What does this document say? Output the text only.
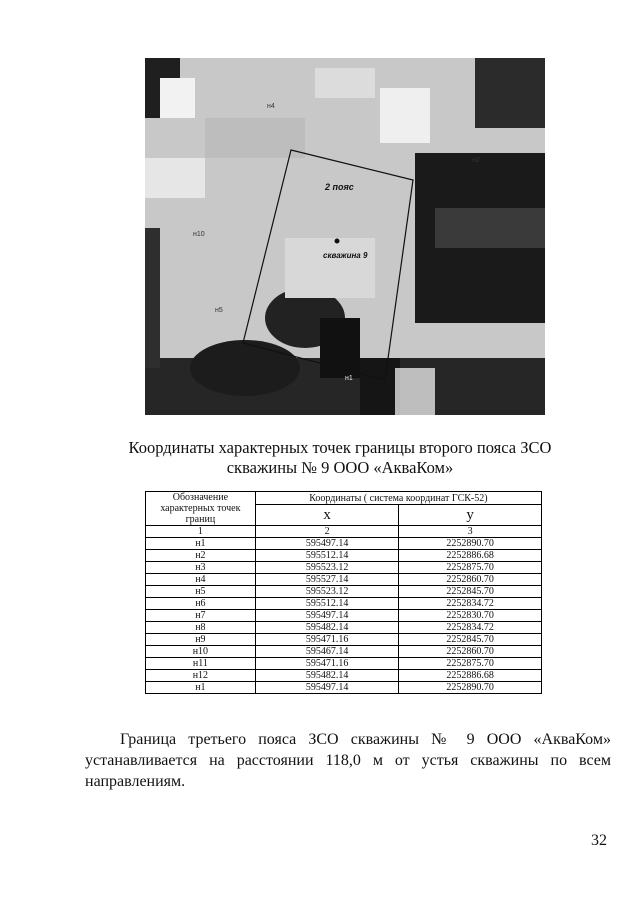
2 пояс
скважина 9
н2
н10
н5
н1
н4
Координаты характерных точек границы второго пояса ЗСО
скважины № 9 ООО «АкваКом»
Обозначение характерных точек границ	Координаты ( система координат ГСК-52)	
	x	у
1	2	3
н1	595497.14	2252890.70
н2	595512.14	2252886.68
н3	595523.12	2252875.70
н4	595527.14	2252860.70
н5	595523.12	2252845.70
н6	595512.14	2252834.72
н7	595497.14	2252830.70
н8	595482.14	2252834.72
н9	595471.16	2252845.70
н10	595467.14	2252860.70
н11	595471.16	2252875.70
н12	595482.14	2252886.68
н1	595497.14	2252890.70
Граница третьего пояса ЗСО скважины № 9 ООО «АкваКом»
устанавливается на расстоянии 118,0 м от устья скважины по всем направлениям.
32
